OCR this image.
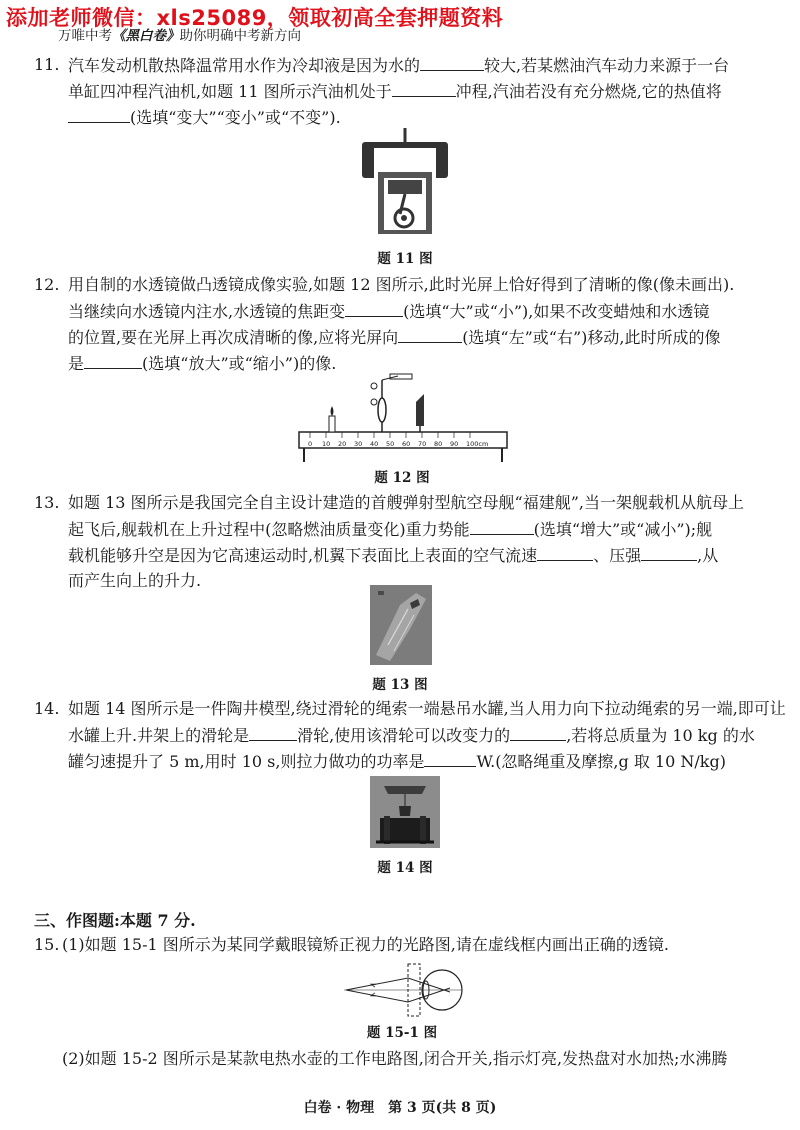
添加老师微信：xls25089，领取初高全套押题资料
万唯中考《黑白卷》助你明确中考新方向
11. 汽车发动机散热降温常用水作为冷却液是因为水的	较大,若某燃油汽车动力来源于一台
单缸四冲程汽油机,如题 11 图所示汽油机处于	冲程,汽油若没有充分燃烧,它的热值将
(选填“变大”“变小”或“不变”).
题 11 图
12. 用自制的水透镜做凸透镜成像实验,如题 12 图所示,此时光屏上恰好得到了清晰的像(像未画出).
当继续向水透镜内注水,水透镜的焦距变	(选填“大”或“小”),如果不改变蜡烛和水透镜
的位置,要在光屏上再次成清晰的像,应将光屏向	(选填“左”或“右”)移动,此时所成的像
是	(选填“放大”或“缩小”)的像.
0 10 20 30 40 50 60 70 80 90 100cm
题 12 图
13. 如题 13 图所示是我国完全自主设计建造的首艘弹射型航空母舰“福建舰”,当一架舰载机从航母上
起飞后,舰载机在上升过程中(忽略燃油质量变化)重力势能	(选填“增大”或“减小”);舰
载机能够升空是因为它高速运动时,机翼下表面比上表面的空气流速	、压强	,从
而产生向上的升力.
题 13 图
14. 如题 14 图所示是一件陶井模型,绕过滑轮的绳索一端悬吊水罐,当人用力向下拉动绳索的另一端,即可让
水罐上升.井架上的滑轮是	滑轮,使用该滑轮可以改变力的	,若将总质量为 10 kg 的水
罐匀速提升了 5 m,用时 10 s,则拉力做功的功率是	W.(忽略绳重及摩擦,g 取 10 N/kg)
题 14 图
三、作图题:本题 7 分.
15. (1)如题 15-1 图所示为某同学戴眼镜矫正视力的光路图,请在虚线框内画出正确的透镜.
题 15-1 图
(2)如题 15-2 图所示是某款电热水壶的工作电路图,闭合开关,指示灯亮,发热盘对水加热;水沸腾
白卷 · 物理　第 3 页(共 8 页)
